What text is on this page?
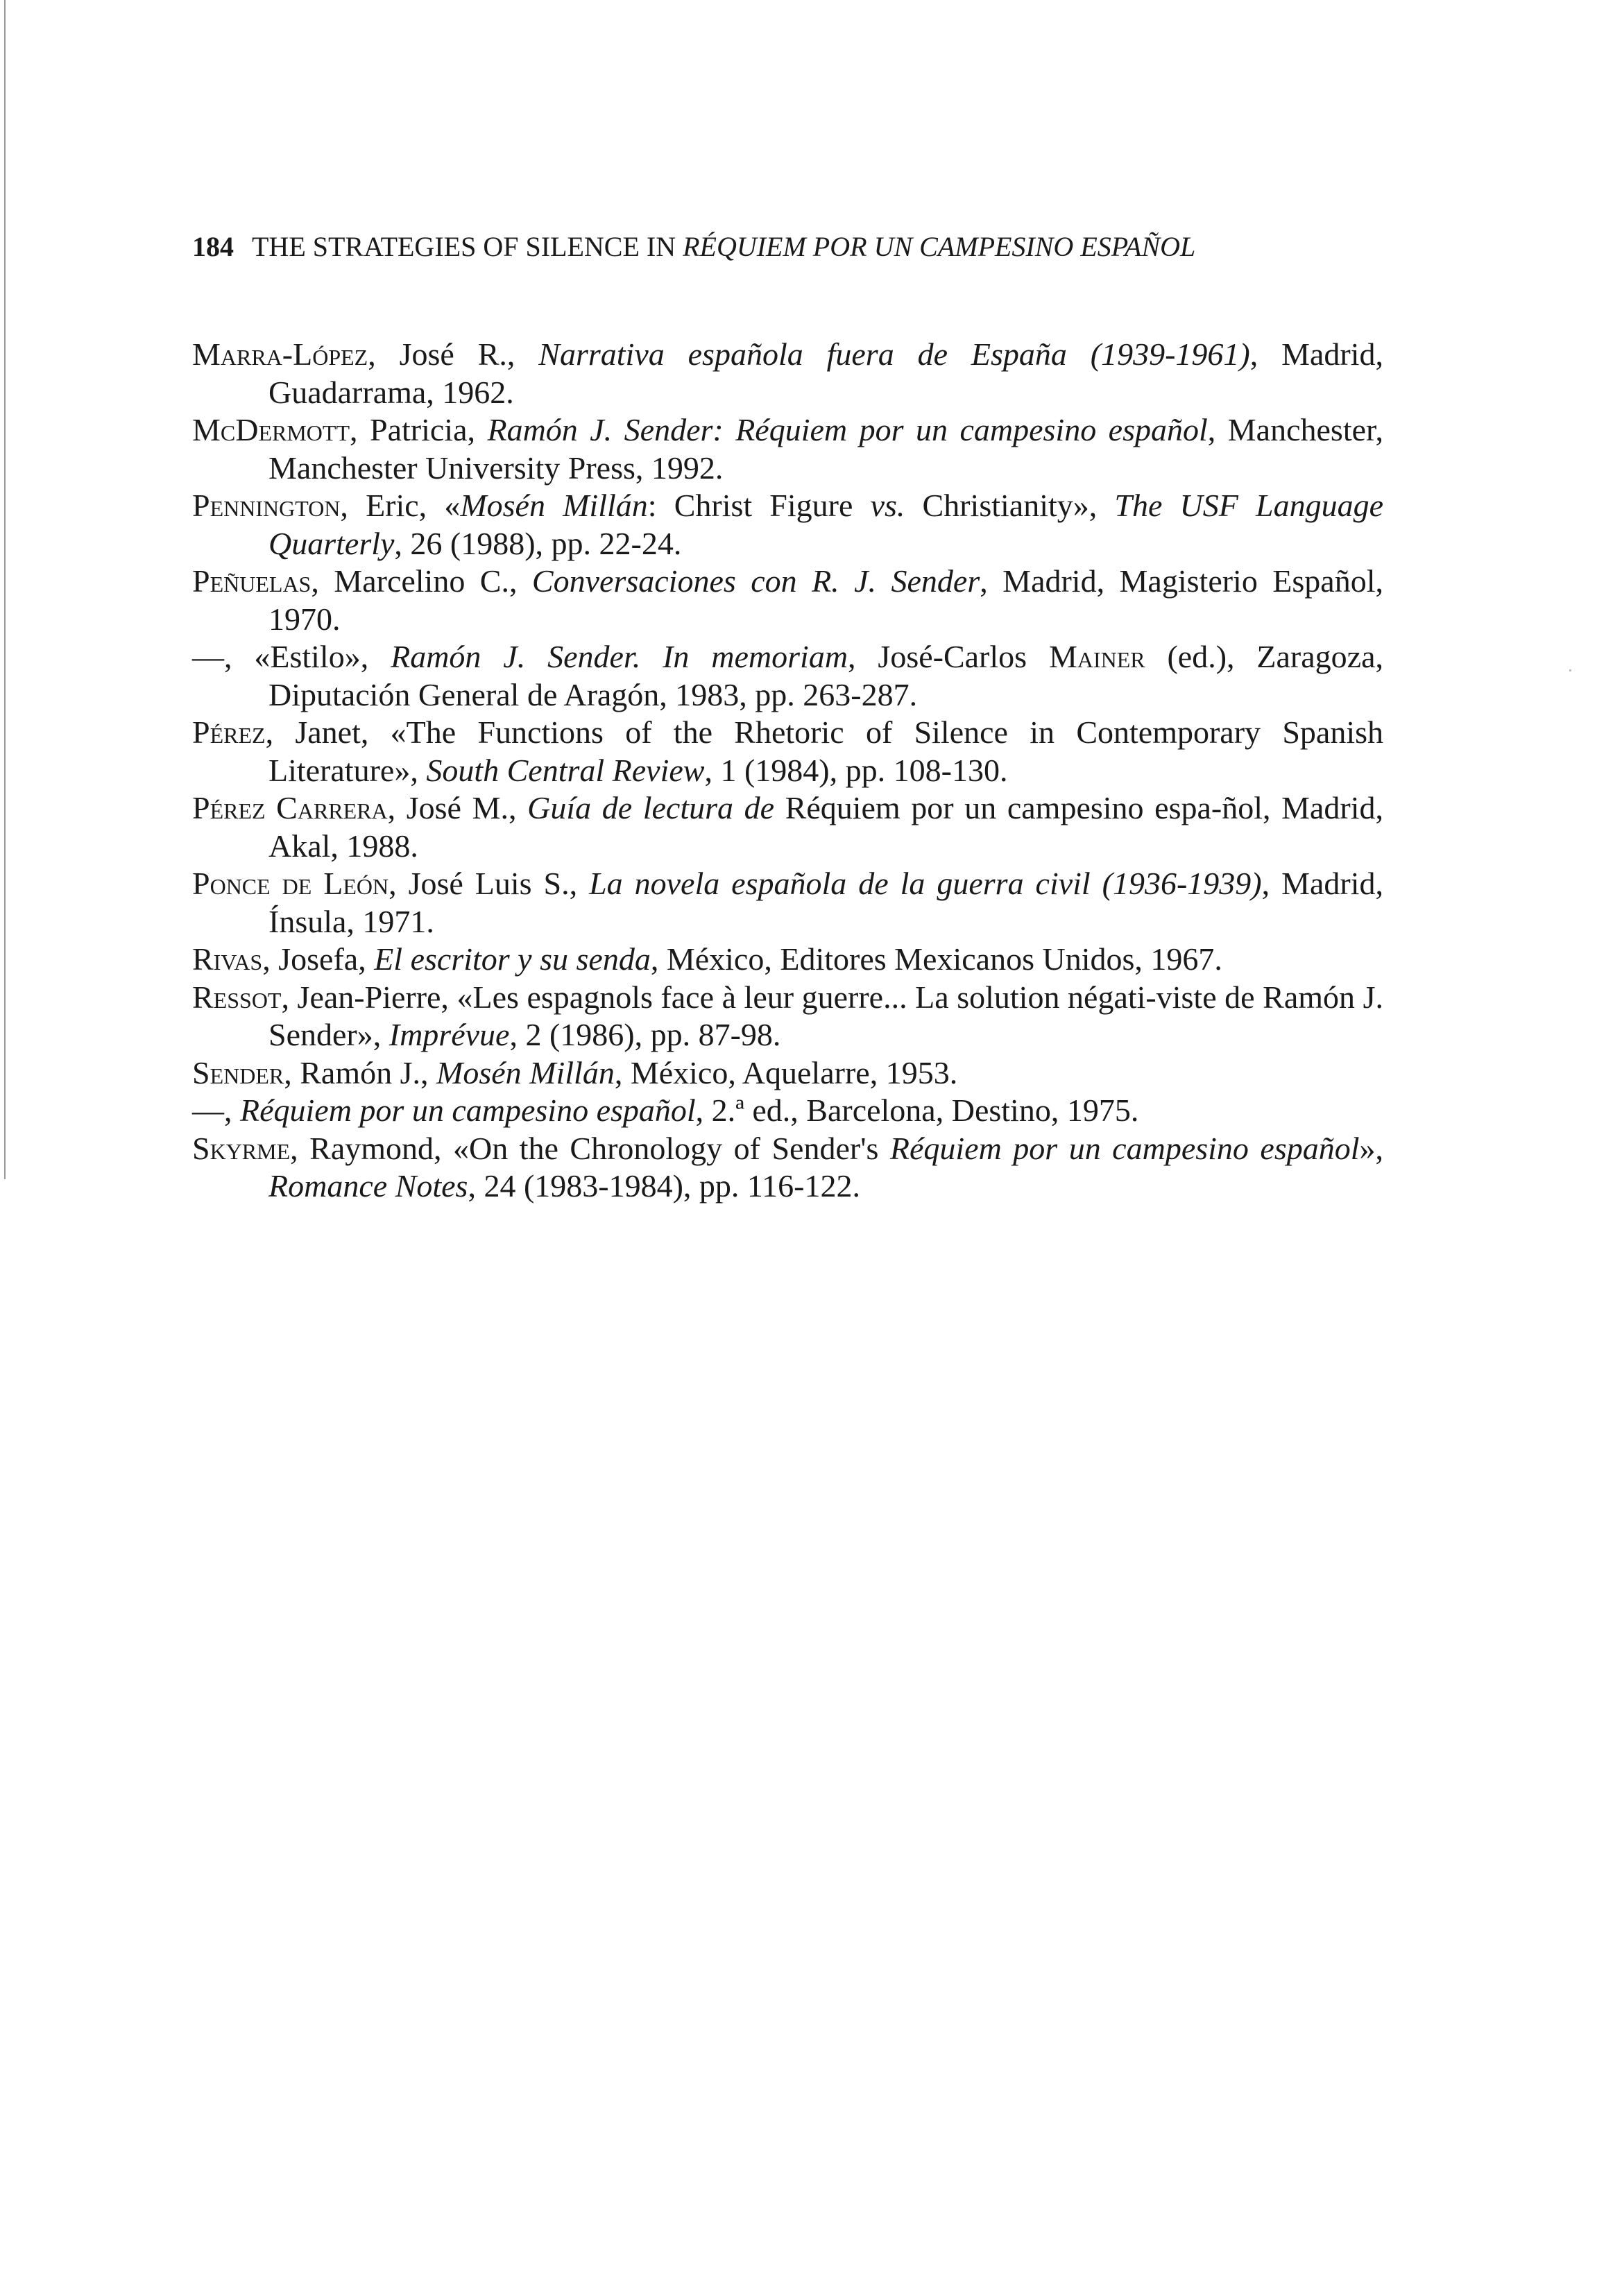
184 THE STRATEGIES OF SILENCE IN RÉQUIEM POR UN CAMPESINO ESPAÑOL

Marra-López, José R., Narrativa española fuera de España (1939-1961), Madrid, Guadarrama, 1962.

McDermott, Patricia, Ramón J. Sender: Réquiem por un campesino español, Manchester, Manchester University Press, 1992.

Pennington, Eric, «Mosén Millán: Christ Figure vs. Christianity», The USF Language Quarterly, 26 (1988), pp. 22-24.

Peñuelas, Marcelino C., Conversaciones con R. J. Sender, Madrid, Magisterio Español, 1970.

—, «Estilo», Ramón J. Sender. In memoriam, José-Carlos Mainer (ed.), Zaragoza, Diputación General de Aragón, 1983, pp. 263-287.

Pérez, Janet, «The Functions of the Rhetoric of Silence in Contemporary Spanish Literature», South Central Review, 1 (1984), pp. 108-130.

Pérez Carrera, José M., Guía de lectura de Réquiem por un campesino espa-ñol, Madrid, Akal, 1988.

Ponce de León, José Luis S., La novela española de la guerra civil (1936-1939), Madrid, Ínsula, 1971.

Rivas, Josefa, El escritor y su senda, México, Editores Mexicanos Unidos, 1967.

Ressot, Jean-Pierre, «Les espagnols face à leur guerre... La solution négati-viste de Ramón J. Sender», Imprévue, 2 (1986), pp. 87-98.

Sender, Ramón J., Mosén Millán, México, Aquelarre, 1953.

—, Réquiem por un campesino español, 2.ª ed., Barcelona, Destino, 1975.

Skyrme, Raymond, «On the Chronology of Sender's Réquiem por un campesino español», Romance Notes, 24 (1983-1984), pp. 116-122.
